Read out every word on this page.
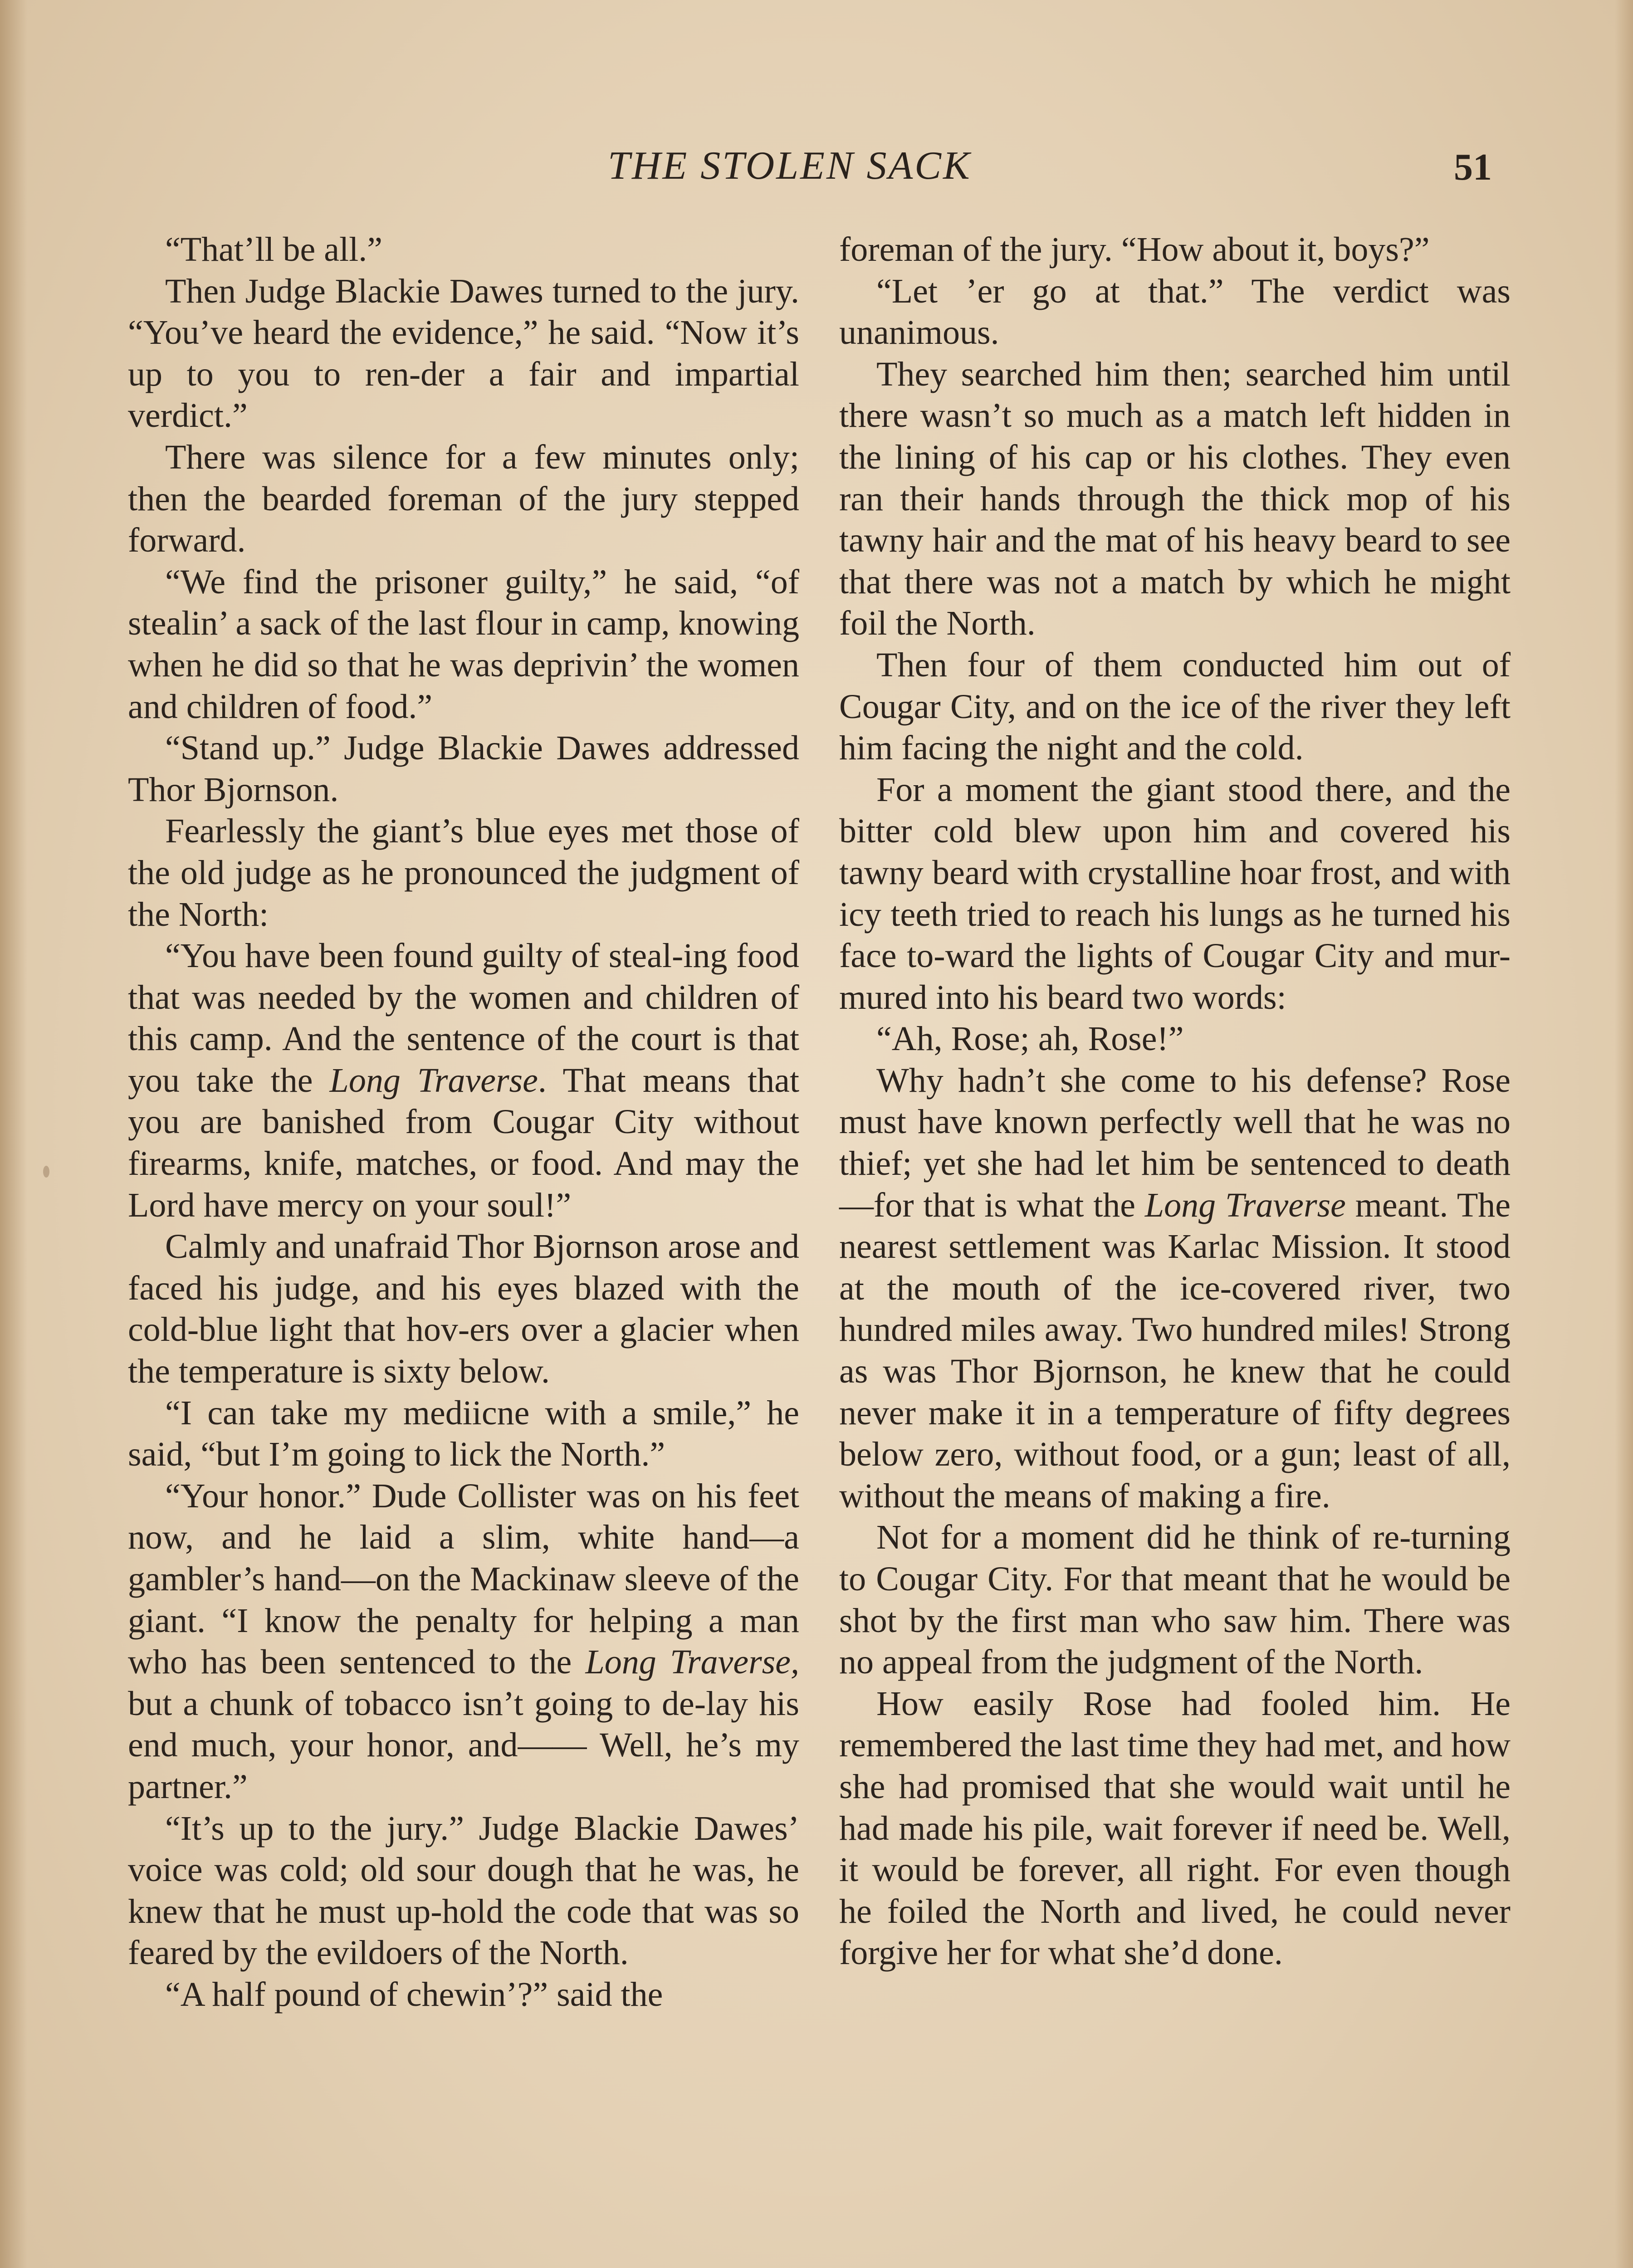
THE STOLEN SACK	51

“That’ll be all.”

Then Judge Blackie Dawes turned to the jury. “You’ve heard the evidence,” he said. “Now it’s up to you to ren-der a fair and impartial verdict.”

There was silence for a few minutes only; then the bearded foreman of the jury stepped forward.

“We find the prisoner guilty,” he said, “of stealin’ a sack of the last flour in camp, knowing when he did so that he was deprivin’ the women and children of food.”

“Stand up.” Judge Blackie Dawes addressed Thor Bjornson.

Fearlessly the giant’s blue eyes met those of the old judge as he pronounced the judgment of the North:

“You have been found guilty of steal-ing food that was needed by the women and children of this camp. And the sentence of the court is that you take the Long Traverse. That means that you are banished from Cougar City without firearms, knife, matches, or food. And may the Lord have mercy on your soul!”

Calmly and unafraid Thor Bjornson arose and faced his judge, and his eyes blazed with the cold-blue light that hov-ers over a glacier when the temperature is sixty below.

“I can take my mediicne with a smile,” he said, “but I’m going to lick the North.”

“Your honor.” Dude Collister was on his feet now, and he laid a slim, white hand—a gambler’s hand—on the Mackinaw sleeve of the giant. “I know the penalty for helping a man who has been sentenced to the Long Traverse, but a chunk of tobacco isn’t going to de-lay his end much, your honor, and—— Well, he’s my partner.”

“It’s up to the jury.” Judge Blackie Dawes’ voice was cold; old sour dough that he was, he knew that he must up-hold the code that was so feared by the evildoers of the North.

“A half pound of chewin’?” said the

foreman of the jury. “How about it, boys?”

“Let ’er go at that.” The verdict was unanimous.

They searched him then; searched him until there wasn’t so much as a match left hidden in the lining of his cap or his clothes. They even ran their hands through the thick mop of his tawny hair and the mat of his heavy beard to see that there was not a match by which he might foil the North.

Then four of them conducted him out of Cougar City, and on the ice of the river they left him facing the night and the cold.

For a moment the giant stood there, and the bitter cold blew upon him and covered his tawny beard with crystalline hoar frost, and with icy teeth tried to reach his lungs as he turned his face to-ward the lights of Cougar City and mur-mured into his beard two words:

“Ah, Rose; ah, Rose!”

Why hadn’t she come to his defense? Rose must have known perfectly well that he was no thief; yet she had let him be sentenced to death—for that is what the Long Traverse meant. The nearest settlement was Karlac Mission. It stood at the mouth of the ice-covered river, two hundred miles away. Two hundred miles! Strong as was Thor Bjornson, he knew that he could never make it in a temperature of fifty degrees below zero, without food, or a gun; least of all, without the means of making a fire.

Not for a moment did he think of re-turning to Cougar City. For that meant that he would be shot by the first man who saw him. There was no appeal from the judgment of the North.

How easily Rose had fooled him. He remembered the last time they had met, and how she had promised that she would wait until he had made his pile, wait forever if need be. Well, it would be forever, all right. For even though he foiled the North and lived, he could never forgive her for what she’d done.
